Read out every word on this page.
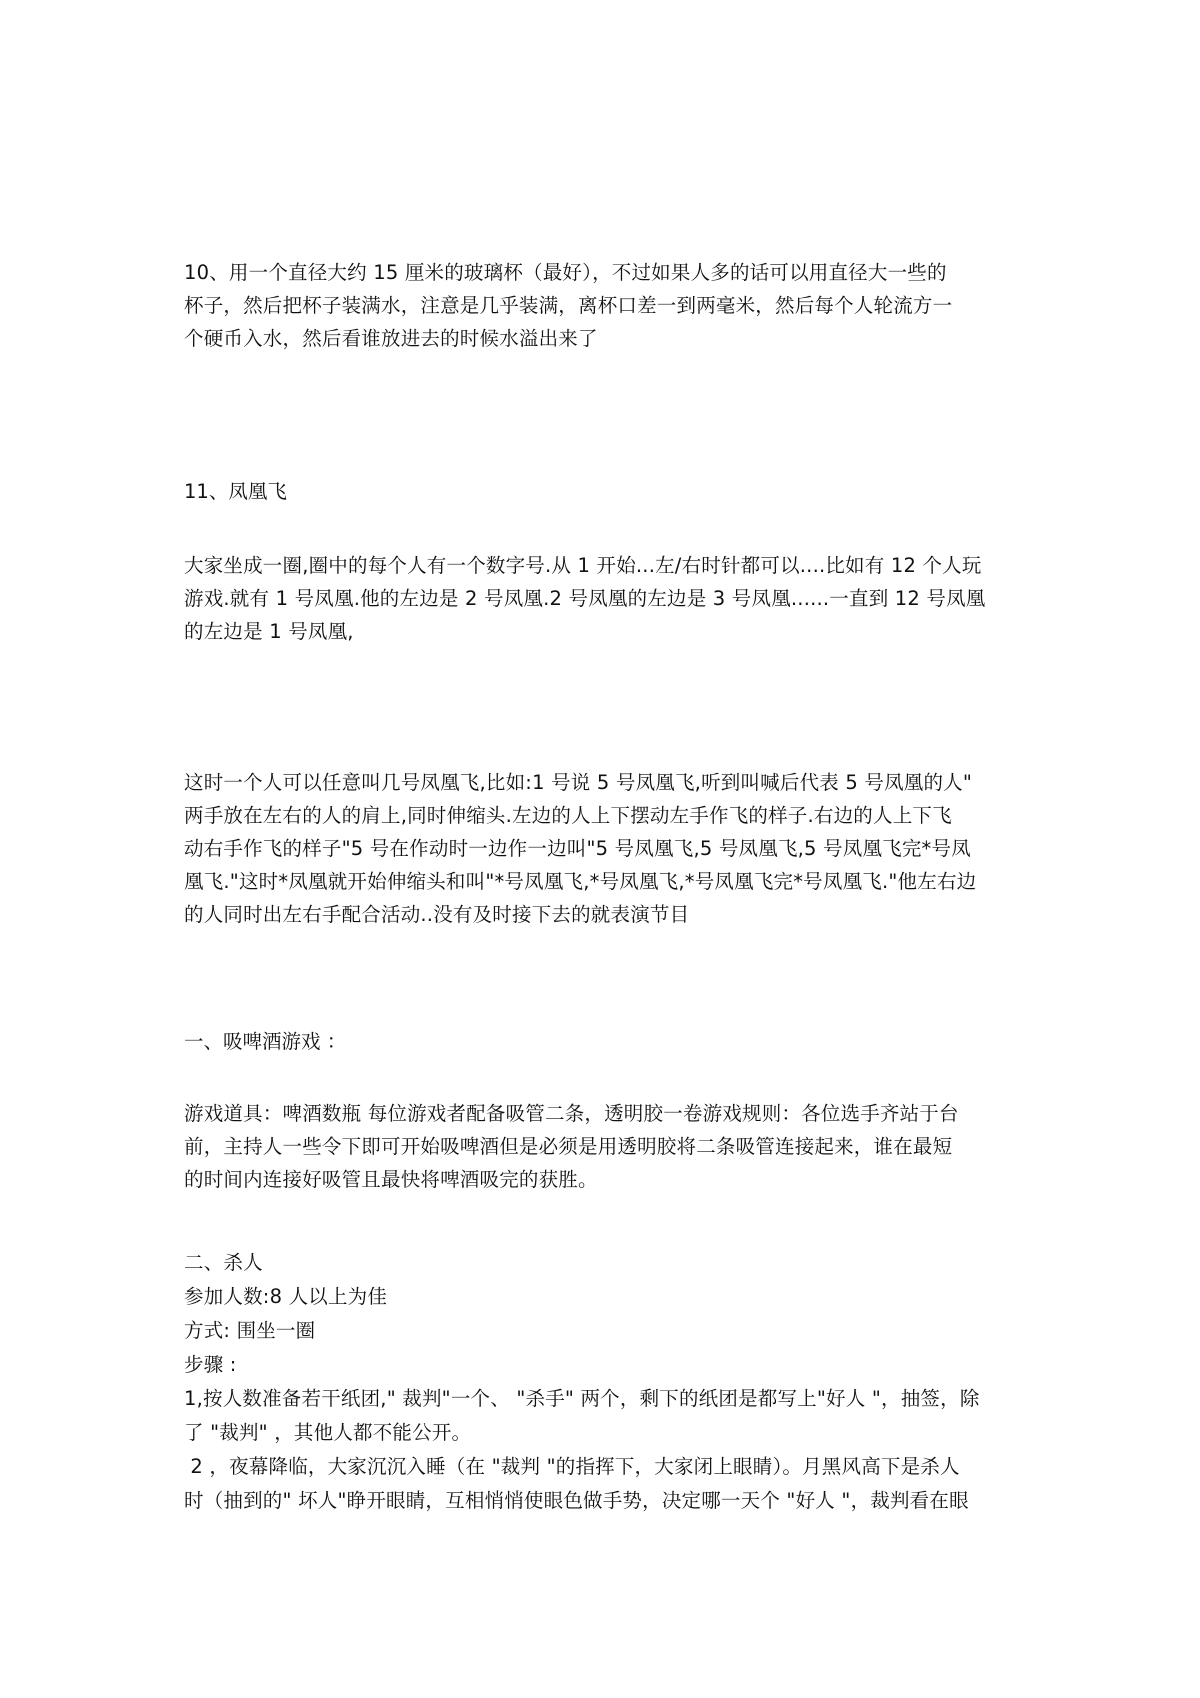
10、用一个直径大约 15 厘米的玻璃杯（最好），不过如果人多的话可以用直径大一些的
杯子，然后把杯子装满水，注意是几乎装满，离杯口差一到两毫米，然后每个人轮流方一
个硬币入水，然后看谁放进去的时候水溢出来了
11、凤凰飞
大家坐成一圈,圈中的每个人有一个数字号.从 1 开始...左/右时针都可以....比如有 12 个人玩
游戏.就有 1 号凤凰.他的左边是 2 号凤凰.2 号凤凰的左边是 3 号凤凰......一直到 12 号凤凰
的左边是 1 号凤凰,
这时一个人可以任意叫几号凤凰飞,比如:1 号说 5 号凤凰飞,听到叫喊后代表 5 号凤凰的人"
两手放在左右的人的肩上,同时伸缩头.左边的人上下摆动左手作飞的样子.右边的人上下飞
动右手作飞的样子"5 号在作动时一边作一边叫"5 号凤凰飞,5 号凤凰飞,5 号凤凰飞完*号凤
凰飞."这时*凤凰就开始伸缩头和叫"*号凤凰飞,*号凤凰飞,*号凤凰飞完*号凤凰飞."他左右边
的人同时出左右手配合活动..没有及时接下去的就表演节目
一、吸啤酒游戏 ：
游戏道具：啤酒数瓶 每位游戏者配备吸管二条，透明胶一卷游戏规则：各位选手齐站于台
前，主持人一些令下即可开始吸啤酒但是必须是用透明胶将二条吸管连接起来，谁在最短
的时间内连接好吸管且最快将啤酒吸完的获胜。
二、杀人
参加人数:8 人以上为佳
方式: 围坐一圈
步骤 :
1,按人数准备若干纸团," 裁判"一个、 "杀手" 两个，剩下的纸团是都写上"好人 "，抽签，除
了 "裁判" ，其他人都不能公开。
2 ，夜幕降临，大家沉沉入睡（在 "裁判 "的指挥下，大家闭上眼睛）。月黑风高下是杀人
时（抽到的" 坏人"睁开眼睛，互相悄悄使眼色做手势，决定哪一天个 "好人 "，裁判看在眼
